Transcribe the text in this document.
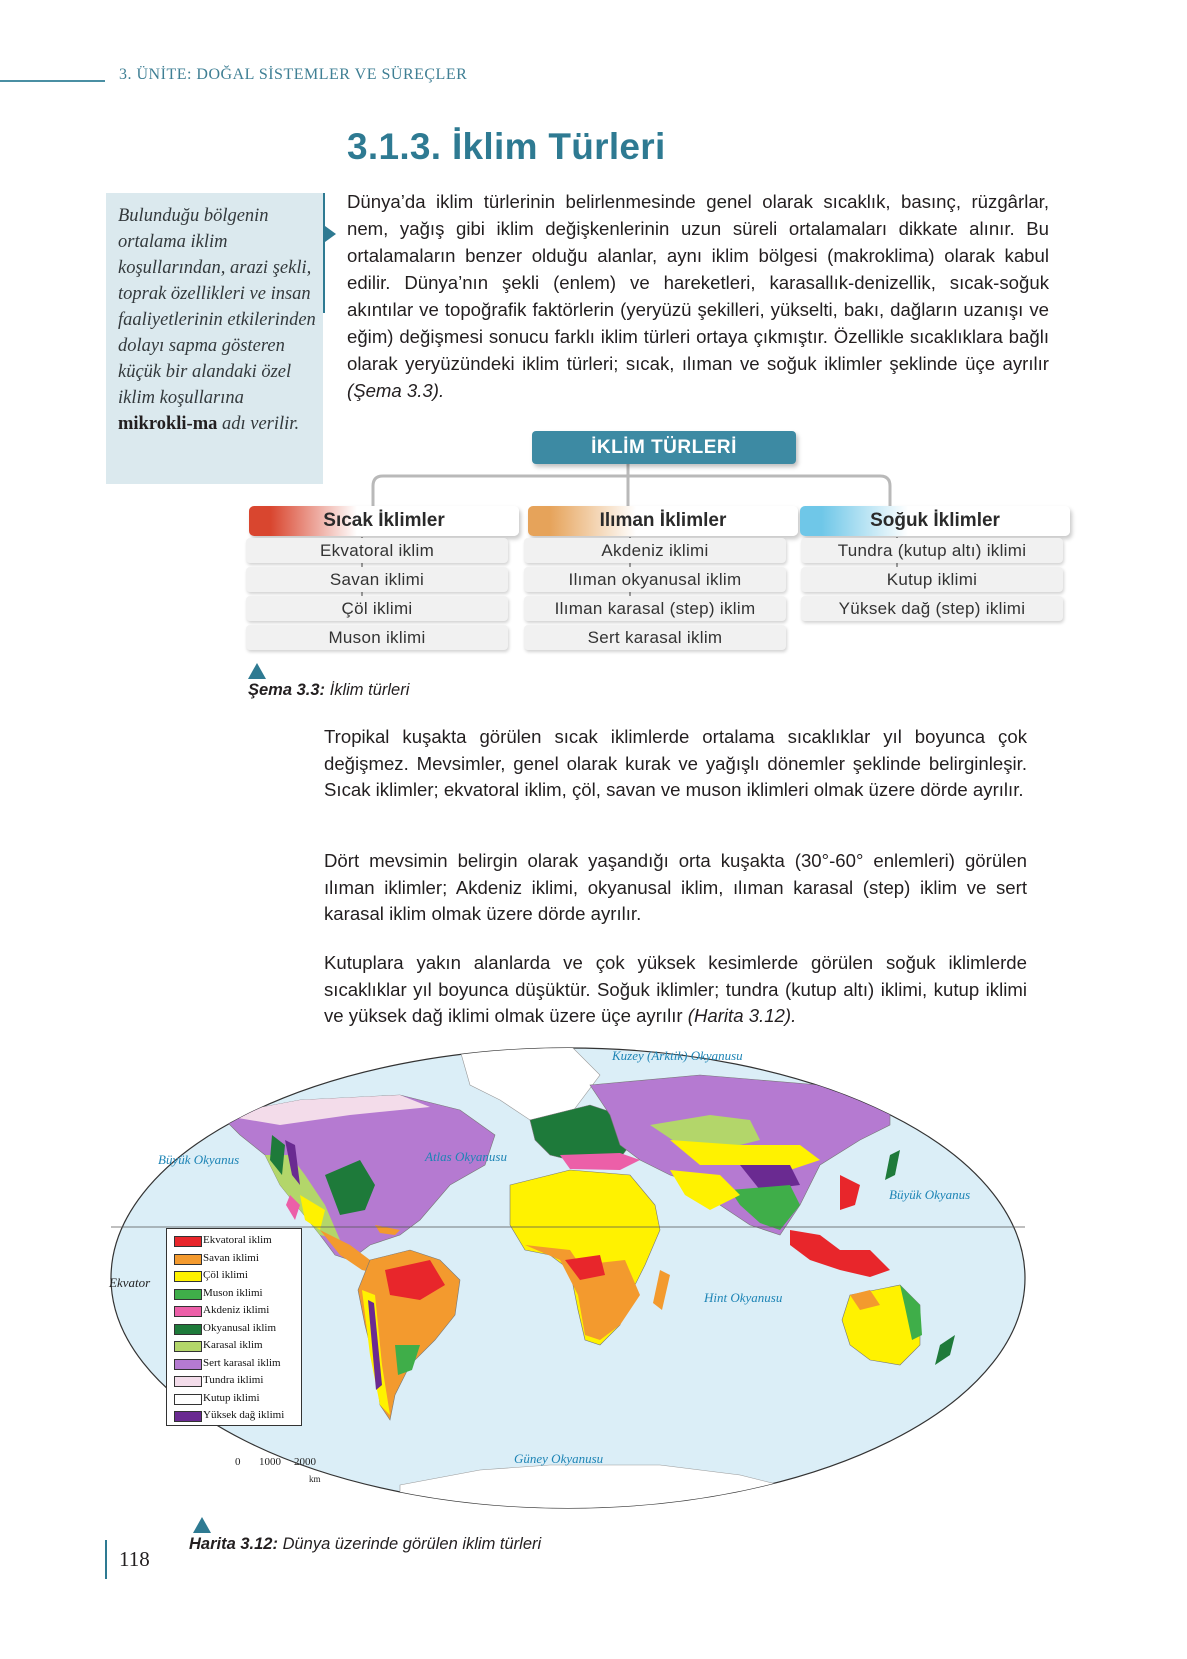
3. ÜNİTE: DOĞAL SİSTEMLER VE SÜREÇLER
3.1.3. İklim Türleri
Bulunduğu bölgenin ortalama iklim koşullarından, arazi şekli, toprak özellikleri ve insan faaliyetlerinin etkilerinden dolayı sapma gösteren küçük bir alandaki özel iklim koşullarına mikrokli-ma adı verilir.
Dünya’da iklim türlerinin belirlenmesinde genel olarak sıcaklık, basınç, rüzgârlar, nem, yağış gibi iklim değişkenlerinin uzun süreli ortalamaları dikkate alınır. Bu ortalamaların benzer olduğu alanlar, aynı iklim bölgesi (makroklima) olarak kabul edilir. Dünya’nın şekli (enlem) ve hareketleri, karasallık-denizellik, sıcak-soğuk akıntılar ve topoğrafik faktörlerin (yeryüzü şekilleri, yükselti, bakı, dağların uzanışı ve eğim) değişmesi sonucu farklı iklim türleri ortaya çıkmıştır. Özellikle sıcaklıklara bağlı olarak yeryüzündeki iklim türleri; sıcak, ılıman ve soğuk iklimler şeklinde üçe ayrılır (Şema 3.3).
İKLİM TÜRLERİ
Sıcak İklimler	Ilıman İklimler	Soğuk İklimler
Ekvatoral iklim
Savan iklimi
Çöl iklimi
Muson iklimi
Akdeniz iklimi
Ilıman okyanusal iklim
Ilıman karasal (step) iklim
Sert karasal iklim
Tundra (kutup altı) iklimi
Kutup iklimi
Yüksek dağ (step) iklimi
Şema 3.3: İklim türleri
Tropikal kuşakta görülen sıcak iklimlerde ortalama sıcaklıklar yıl boyunca çok değişmez. Mevsimler, genel olarak kurak ve yağışlı dönemler şeklinde belirginleşir. Sıcak iklimler; ekvatoral iklim, çöl, savan ve muson iklimleri olmak üzere dörde ayrılır.
Dört mevsimin belirgin olarak yaşandığı orta kuşakta (30°-60° enlemleri) görülen ılıman iklimler; Akdeniz iklimi, okyanusal iklim, ılıman karasal (step) iklim ve sert karasal iklim olmak üzere dörde ayrılır.
Kutuplara yakın alanlarda ve çok yüksek kesimlerde görülen soğuk iklimlerde sıcaklıklar yıl boyunca düşüktür. Soğuk iklimler; tundra (kutup altı) iklimi, kutup iklimi ve yüksek dağ iklimi olmak üzere üçe ayrılır (Harita 3.12).
Kuzey (Arktik) Okyanusu
Büyük Okyanus	Atlas Okyanusu
Büyük Okyanus
Hint Okyanusu
Güney Okyanusu
Ekvator
Ekvatoral iklim
Savan iklimi
Çöl iklimi
Muson iklimi
Akdeniz iklimi
Okyanusal iklim
Karasal iklim
Sert karasal iklim
Tundra iklimi
Kutup iklimi
Yüksek dağ iklimi
0 1000 2000
km
Harita 3.12: Dünya üzerinde görülen iklim türleri
118
